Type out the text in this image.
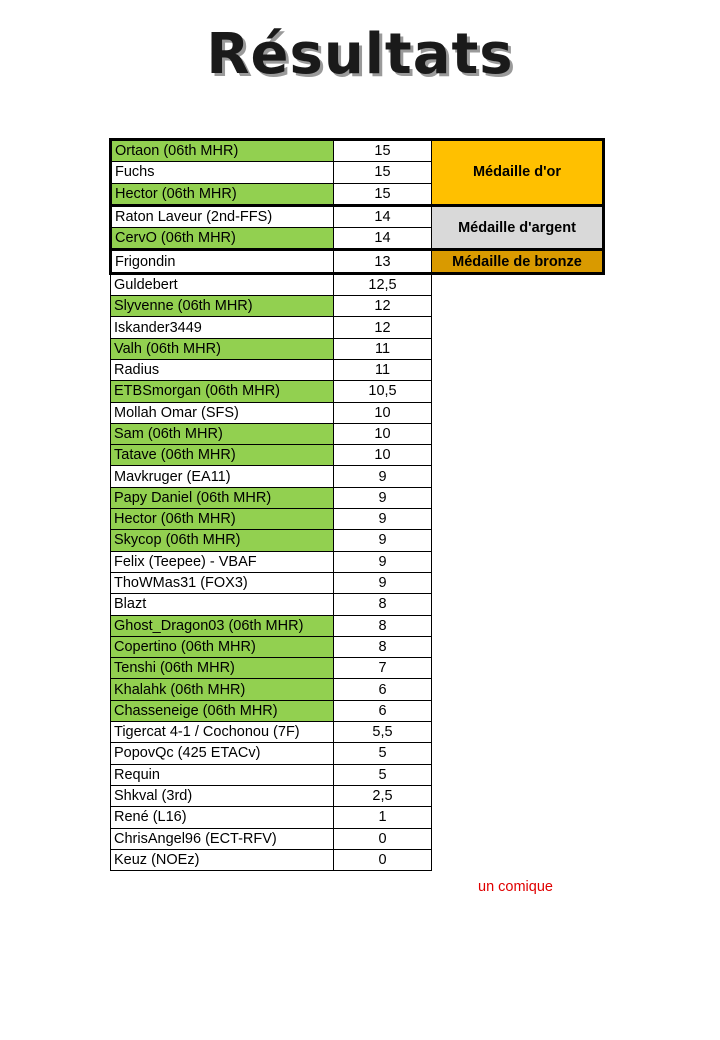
Résultats
Ortaon (06th MHR)	15	Médaille d'or
Fuchs	15	
Hector (06th MHR)	15	
Raton Laveur (2nd-FFS)	14	Médaille d'argent
CervO (06th MHR)	14	
Frigondin	13	Médaille de bronze
Guldebert	12,5	
Slyvenne (06th MHR)	12	
Iskander3449	12	
Valh (06th MHR)	11	
Radius	11	
ETBSmorgan (06th MHR)	10,5	
Mollah Omar (SFS)	10	
Sam (06th MHR)	10	
Tatave (06th MHR)	10	
Mavkruger (EA11)	9	
Papy Daniel (06th MHR)	9	
Hector (06th MHR)	9	
Skycop (06th MHR)	9	
Felix (Teepee) - VBAF	9	
ThoWMas31 (FOX3)	9	
Blazt	8	
Ghost_Dragon03 (06th MHR)	8	
Copertino (06th MHR)	8	
Tenshi (06th MHR)	7	
Khalahk (06th MHR)	6	
Chasseneige (06th MHR)	6	
Tigercat 4-1 / Cochonou (7F)	5,5	
PopovQc (425 ETACv)	5	
Requin	5	
Shkval (3rd)	2,5	
René (L16)	1	
ChrisAngel96 (ECT-RFV)	0	
Keuz (NOEz)	0	
un comique
